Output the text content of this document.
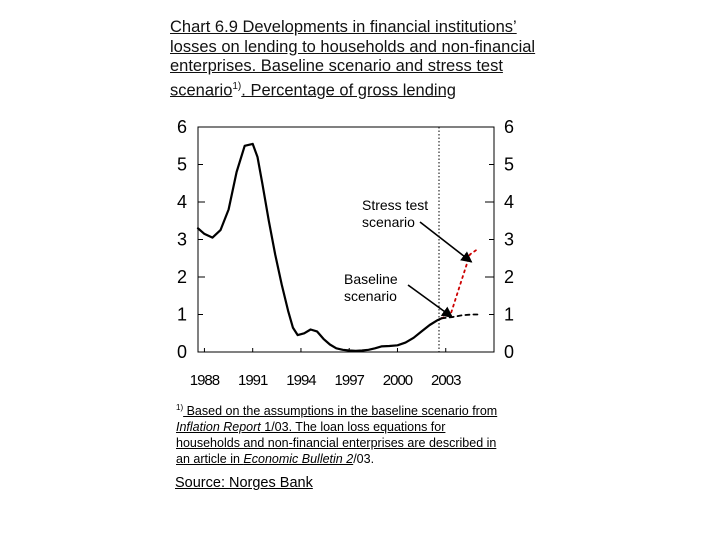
Chart 6.9 Developments in financial institutions’
losses on lending to households and non-financial
enterprises. Baseline scenario and stress test
scenario$^{1)}$. Percentage of gross lending
0	0
1	1
2	2
3	3
4	4
5	5
6	6
1988 1991 1994 1997 2000 2003
Stress test
scenario
Baseline
scenario
$^{1)}$ Based on the assumptions in the baseline scenario from
Inflation Report 1/03. The loan loss equations for
households and non-financial enterprises are described in
an article in Economic Bulletin 2/03.
Source: Norges Bank
